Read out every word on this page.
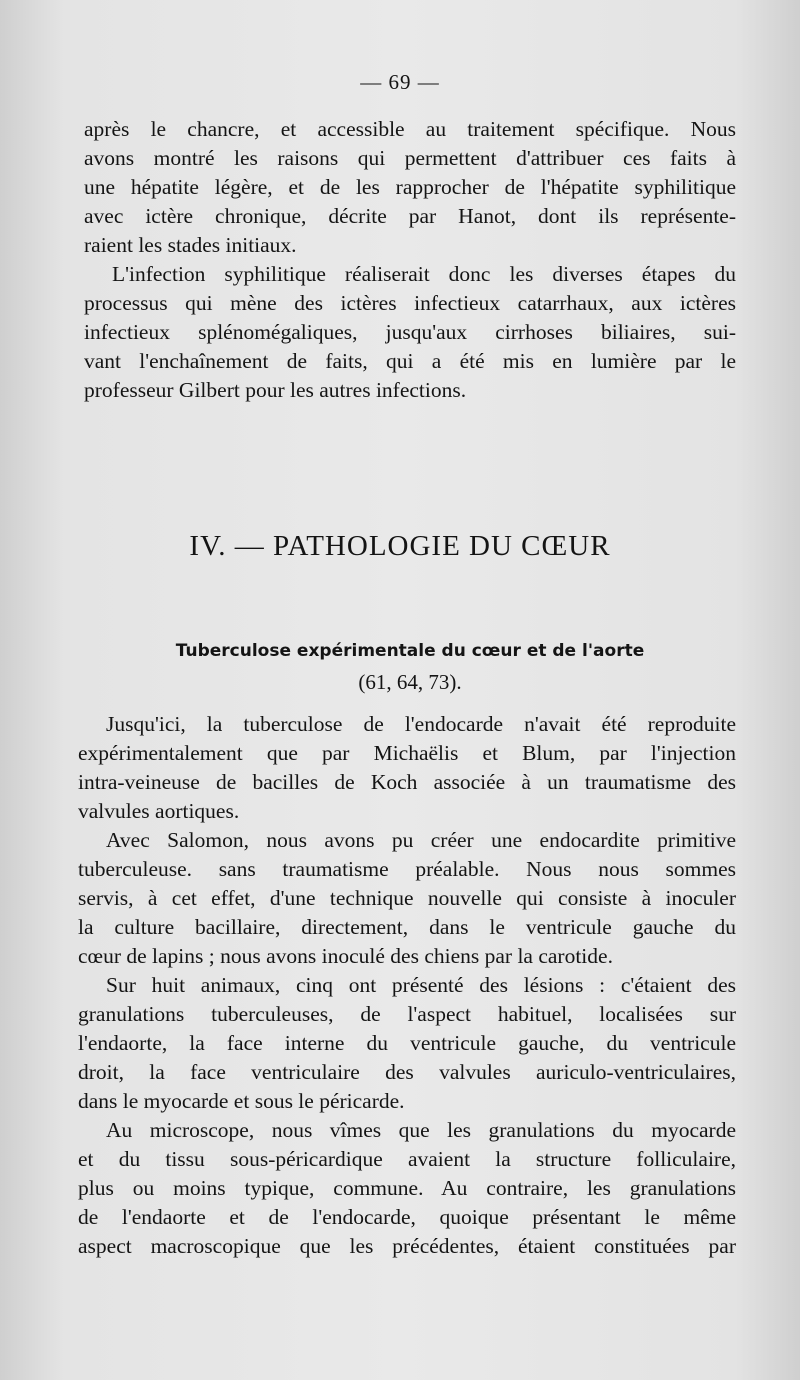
— 69 —
après le chancre, et accessible au traitement spécifique. Nous
avons montré les raisons qui permettent d'attribuer ces faits à
une hépatite légère, et de les rapprocher de l'hépatite syphilitique
avec ictère chronique, décrite par Hanot, dont ils représente-
raient les stades initiaux.
L'infection syphilitique réaliserait donc les diverses étapes du
processus qui mène des ictères infectieux catarrhaux, aux ictères
infectieux splénomégaliques, jusqu'aux cirrhoses biliaires, sui-
vant l'enchaînement de faits, qui a été mis en lumière par le
professeur Gilbert pour les autres infections.
IV. — PATHOLOGIE DU CŒUR
Tuberculose expérimentale du cœur et de l'aorte
(61, 64, 73).
Jusqu'ici, la tuberculose de l'endocarde n'avait été reproduite
expérimentalement que par Michaëlis et Blum, par l'injection
intra-veineuse de bacilles de Koch associée à un traumatisme des
valvules aortiques.
Avec Salomon, nous avons pu créer une endocardite primitive
tuberculeuse. sans traumatisme préalable. Nous nous sommes
servis, à cet effet, d'une technique nouvelle qui consiste à inoculer
la culture bacillaire, directement, dans le ventricule gauche du
cœur de lapins ; nous avons inoculé des chiens par la carotide.
Sur huit animaux, cinq ont présenté des lésions : c'étaient des
granulations tuberculeuses, de l'aspect habituel, localisées sur
l'endaorte, la face interne du ventricule gauche, du ventricule
droit, la face ventriculaire des valvules auriculo-ventriculaires,
dans le myocarde et sous le péricarde.
Au microscope, nous vîmes que les granulations du myocarde
et du tissu sous-péricardique avaient la structure folliculaire,
plus ou moins typique, commune. Au contraire, les granulations
de l'endaorte et de l'endocarde, quoique présentant le même
aspect macroscopique que les précédentes, étaient constituées par
